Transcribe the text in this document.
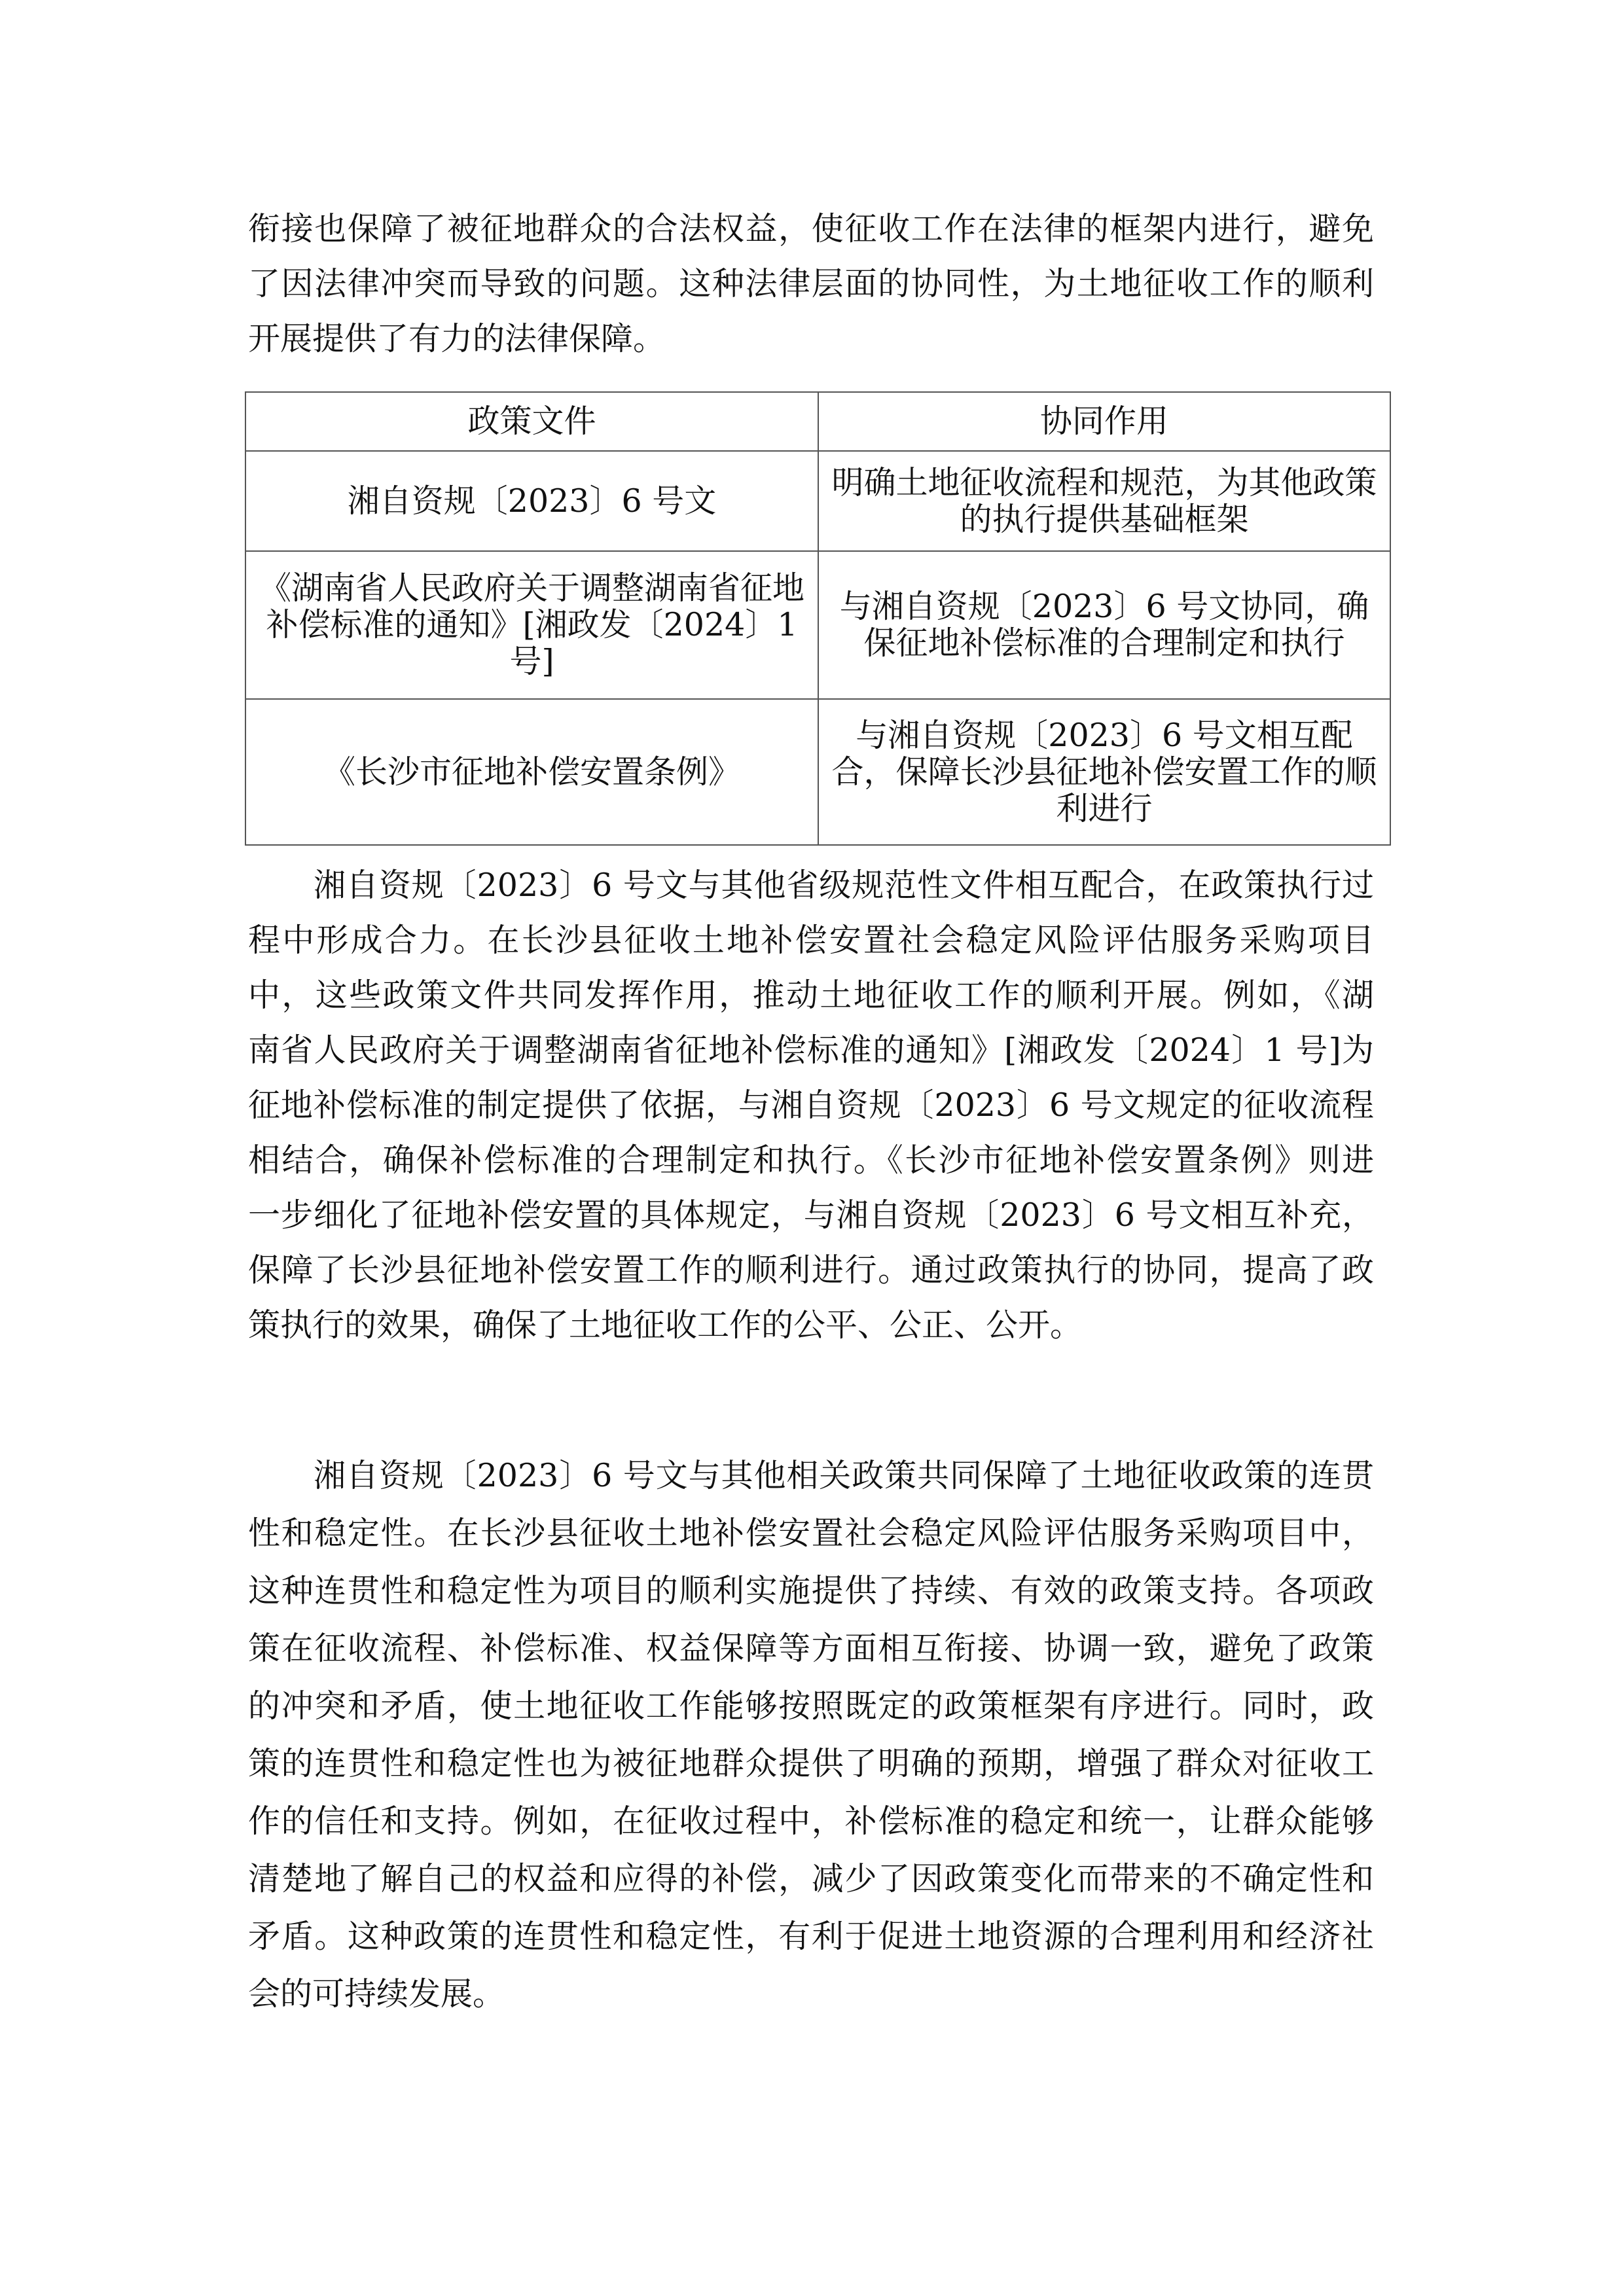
衔接也保障了被征地群众的合法权益，使征收工作在法律的框架内进行，避免
了因法律冲突而导致的问题。这种法律层面的协同性，为土地征收工作的顺利
开展提供了有力的法律保障。
政策文件	协同作用
湘自资规〔2023〕6 号文	明确土地征收流程和规范，为其他政策的执行提供基础框架
《湖南省人民政府关于调整湖南省征地补偿标准的通知》[湘政发〔2024〕1 号]	与湘自资规〔2023〕6 号文协同，确保征地补偿标准的合理制定和执行
《长沙市征地补偿安置条例》	与湘自资规〔2023〕6 号文相互配合，保障长沙县征地补偿安置工作的顺利进行
湘自资规〔2023〕6 号文与其他省级规范性文件相互配合，在政策执行过
程中形成合力。在长沙县征收土地补偿安置社会稳定风险评估服务采购项目
中，这些政策文件共同发挥作用，推动土地征收工作的顺利开展。例如，《湖
南省人民政府关于调整湖南省征地补偿标准的通知》[湘政发〔2024〕1 号]为
征地补偿标准的制定提供了依据，与湘自资规〔2023〕6 号文规定的征收流程
相结合，确保补偿标准的合理制定和执行。《长沙市征地补偿安置条例》则进
一步细化了征地补偿安置的具体规定，与湘自资规〔2023〕6 号文相互补充，
保障了长沙县征地补偿安置工作的顺利进行。通过政策执行的协同，提高了政
策执行的效果，确保了土地征收工作的公平、公正、公开。
湘自资规〔2023〕6 号文与其他相关政策共同保障了土地征收政策的连贯
性和稳定性。在长沙县征收土地补偿安置社会稳定风险评估服务采购项目中，
这种连贯性和稳定性为项目的顺利实施提供了持续、有效的政策支持。各项政
策在征收流程、补偿标准、权益保障等方面相互衔接、协调一致，避免了政策
的冲突和矛盾，使土地征收工作能够按照既定的政策框架有序进行。同时，政
策的连贯性和稳定性也为被征地群众提供了明确的预期，增强了群众对征收工
作的信任和支持。例如，在征收过程中，补偿标准的稳定和统一，让群众能够
清楚地了解自己的权益和应得的补偿，减少了因政策变化而带来的不确定性和
矛盾。这种政策的连贯性和稳定性，有利于促进土地资源的合理利用和经济社
会的可持续发展。
